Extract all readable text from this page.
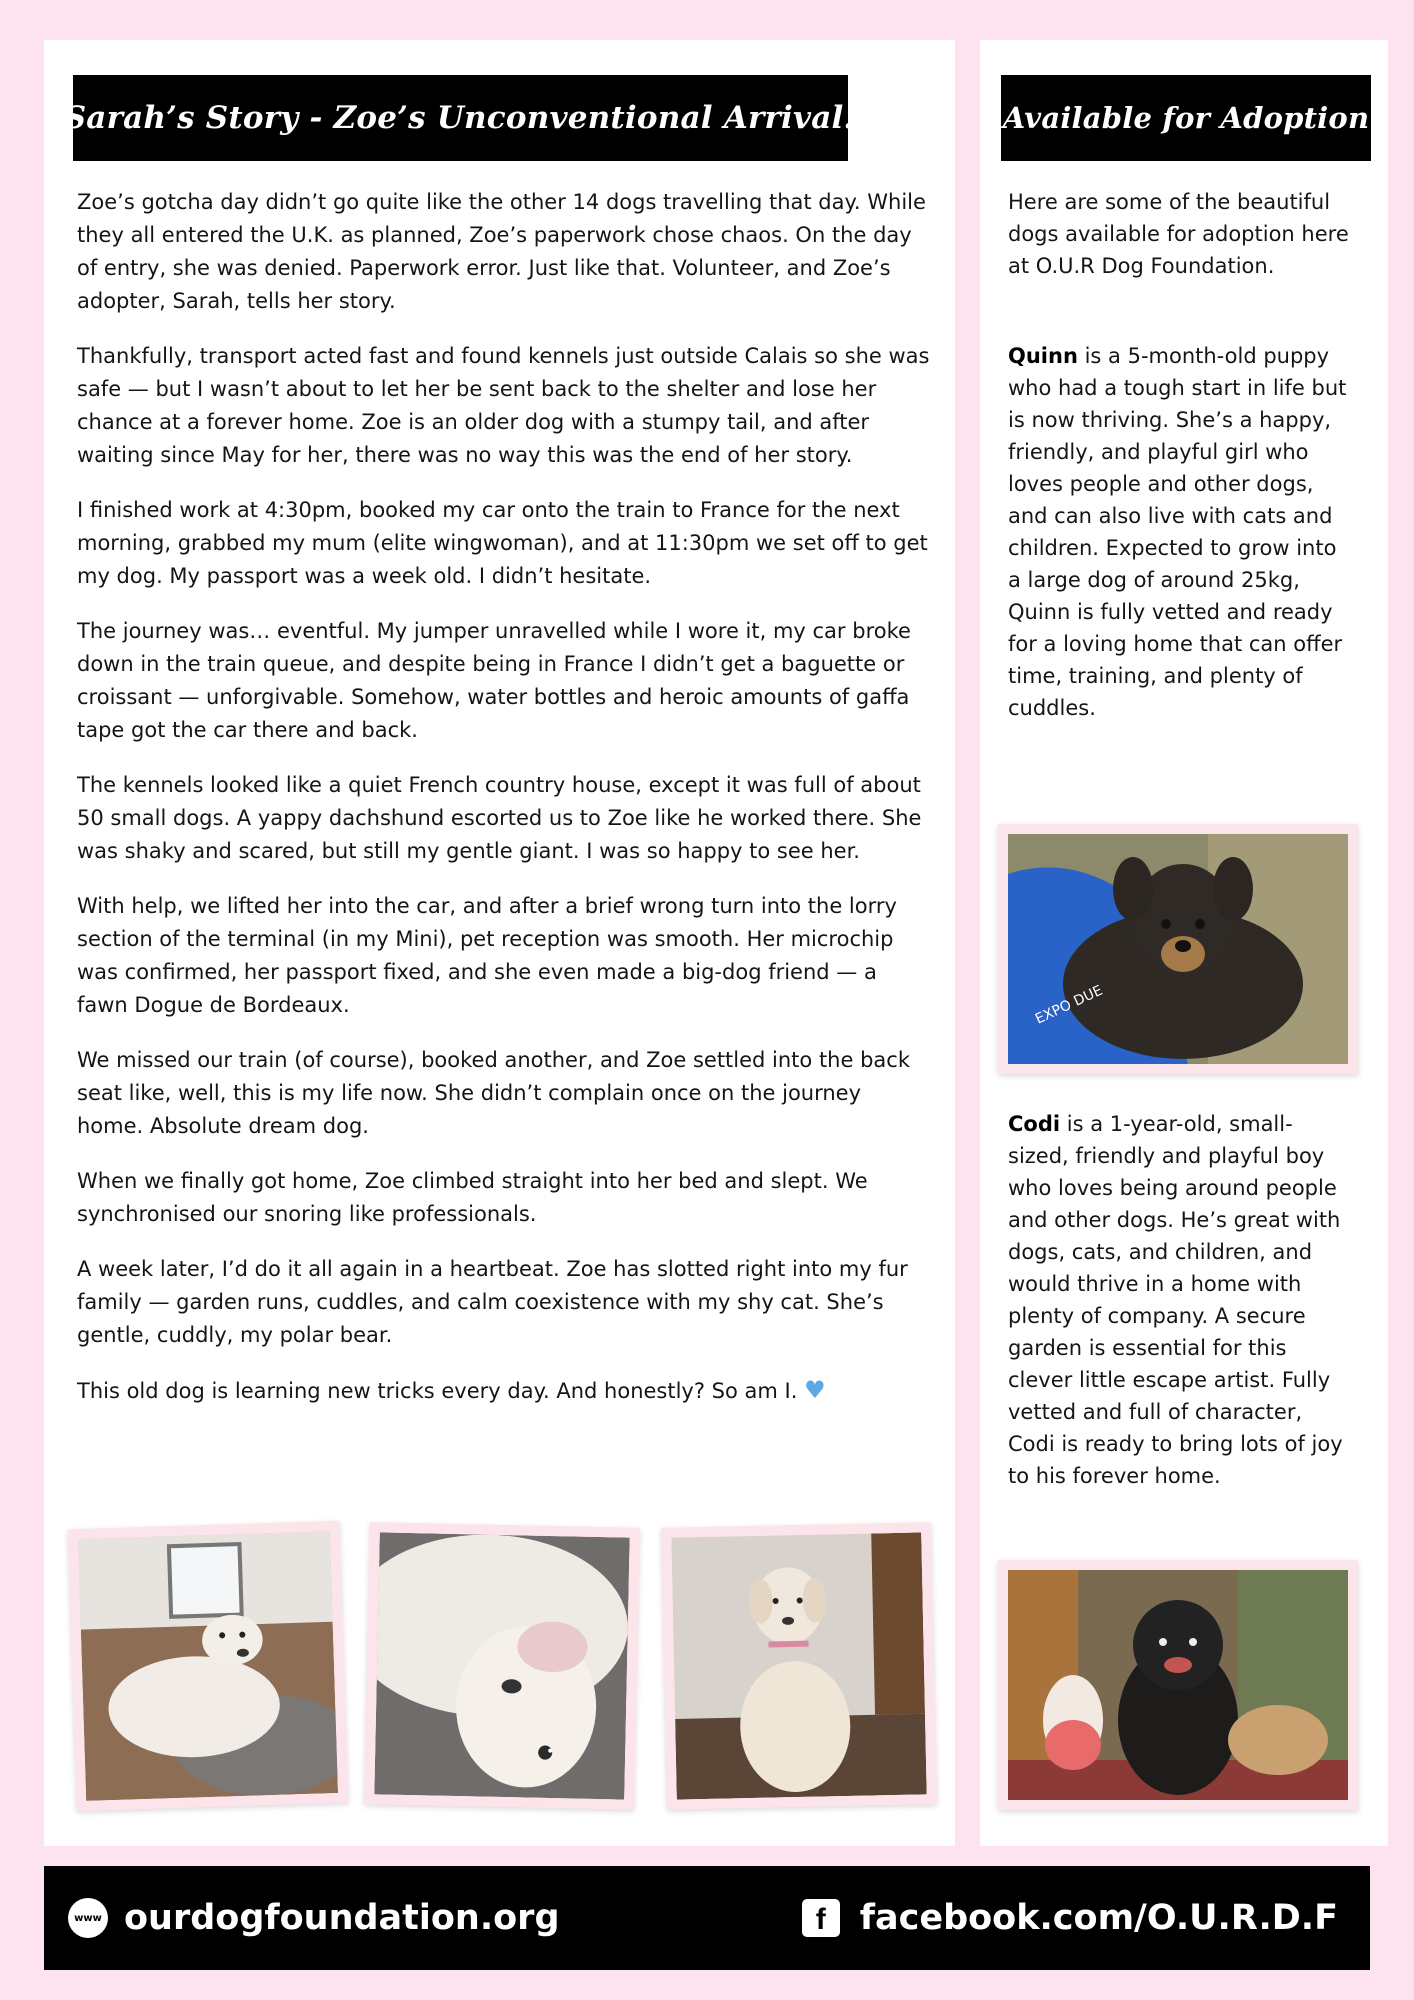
Sarah’s Story - Zoe’s Unconventional Arrival!

Zoe’s gotcha day didn’t go quite like the other 14 dogs travelling that day. While they all entered the U.K. as planned, Zoe’s paperwork chose chaos. On the day of entry, she was denied. Paperwork error. Just like that. Volunteer, and Zoe’s adopter, Sarah, tells her story.

Thankfully, transport acted fast and found kennels just outside Calais so she was safe — but I wasn’t about to let her be sent back to the shelter and lose her chance at a forever home. Zoe is an older dog with a stumpy tail, and after waiting since May for her, there was no way this was the end of her story.

I finished work at 4:30pm, booked my car onto the train to France for the next morning, grabbed my mum (elite wingwoman), and at 11:30pm we set off to get my dog. My passport was a week old. I didn’t hesitate.

The journey was… eventful. My jumper unravelled while I wore it, my car broke down in the train queue, and despite being in France I didn’t get a baguette or croissant — unforgivable. Somehow, water bottles and heroic amounts of gaffa tape got the car there and back.

The kennels looked like a quiet French country house, except it was full of about 50 small dogs. A yappy dachshund escorted us to Zoe like he worked there. She was shaky and scared, but still my gentle giant. I was so happy to see her.

With help, we lifted her into the car, and after a brief wrong turn into the lorry section of the terminal (in my Mini), pet reception was smooth. Her microchip was confirmed, her passport fixed, and she even made a big-dog friend — a fawn Dogue de Bordeaux.

We missed our train (of course), booked another, and Zoe settled into the back seat like, well, this is my life now. She didn’t complain once on the journey home. Absolute dream dog.

When we finally got home, Zoe climbed straight into her bed and slept. We synchronised our snoring like professionals.

A week later, I’d do it all again in a heartbeat. Zoe has slotted right into my fur family — garden runs, cuddles, and calm coexistence with my shy cat. She’s gentle, cuddly, my polar bear.

This old dog is learning new tricks every day. And honestly? So am I. ♥

Available for Adoption
Here are some of the beautiful dogs available for adoption here at O.U.R Dog Foundation.
Quinn is a 5-month-old puppy who had a tough start in life but is now thriving. She’s a happy, friendly, and playful girl who loves people and other dogs, and can also live with cats and children. Expected to grow into a large dog of around 25kg, Quinn is fully vetted and ready for a loving home that can offer time, training, and plenty of cuddles.
EXPO DUE
Codi is a 1-year-old, small-sized, friendly and playful boy who loves being around people and other dogs. He’s great with dogs, cats, and children, and would thrive in a home with plenty of company. A secure garden is essential for this clever little escape artist. Fully vetted and full of character, Codi is ready to bring lots of joy to his forever home.
www ourdogfoundation.org	f facebook.com/O.U.R.D.F
